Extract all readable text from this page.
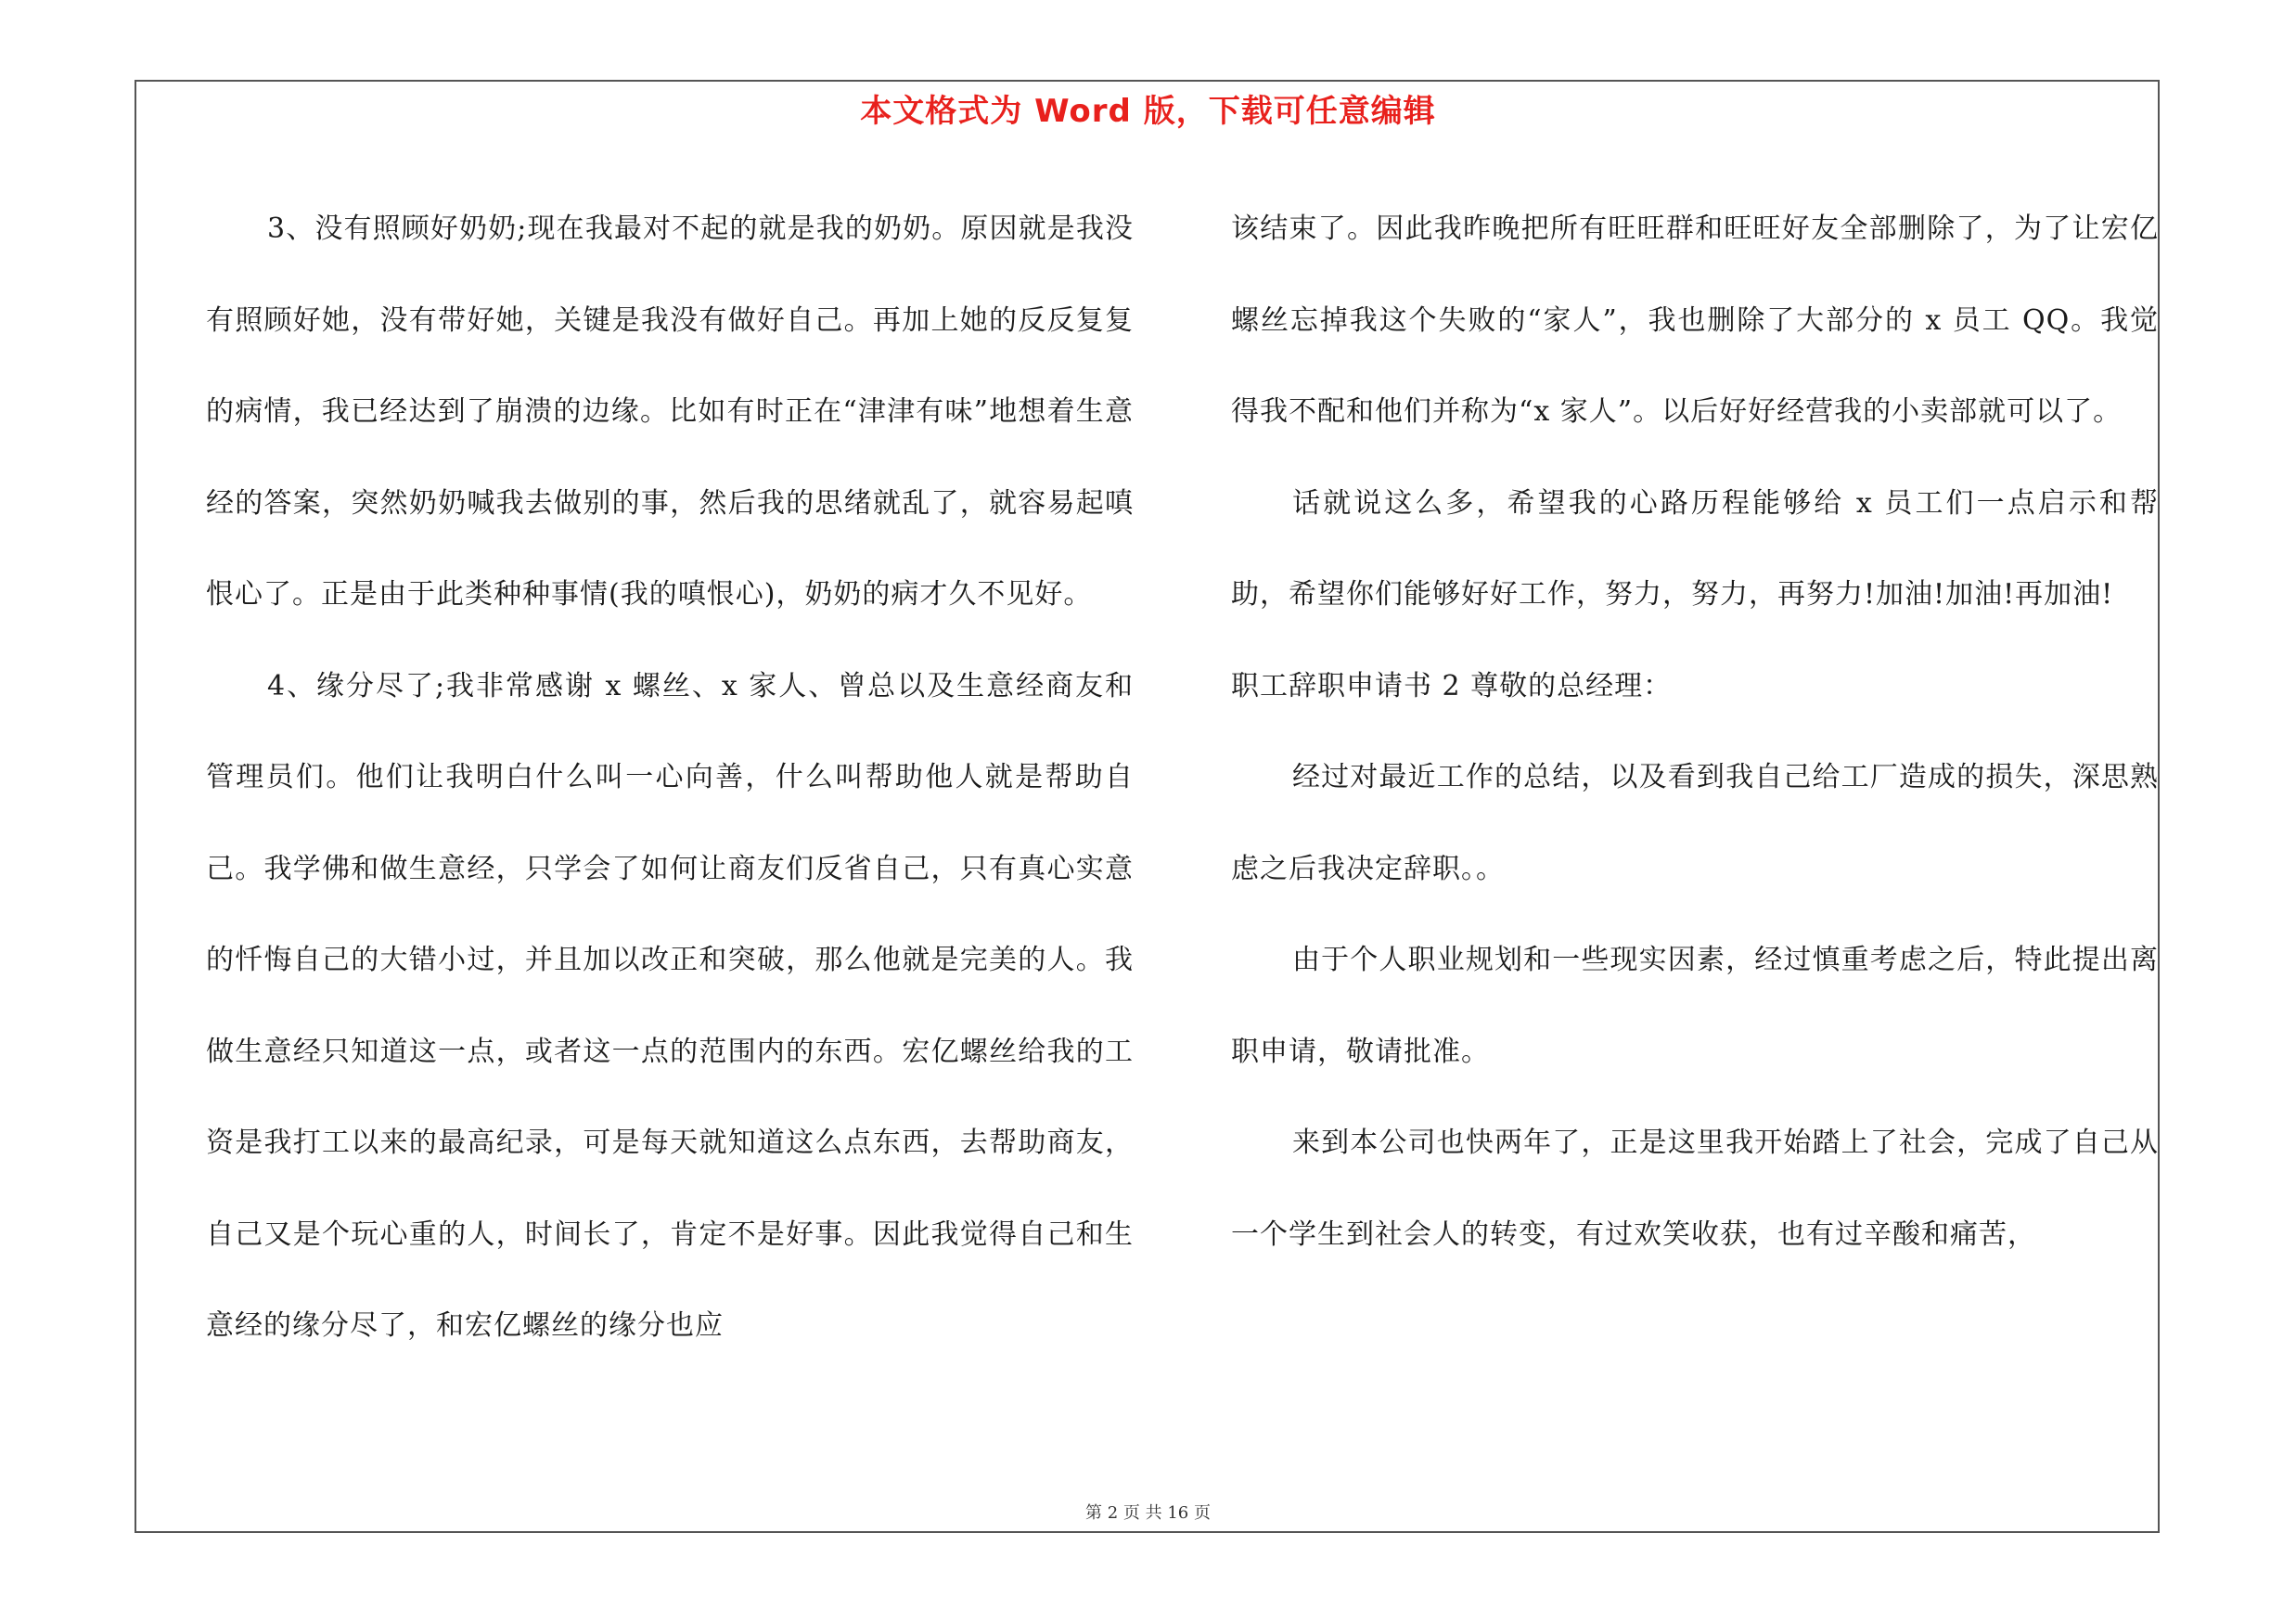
本文格式为 Word 版，下载可任意编辑

3、没有照顾好奶奶;现在我最对不起的就是我的奶奶。原因就是我没有照顾好她，没有带好她，关键是我没有做好自己。再加上她的反反复复的病情，我已经达到了崩溃的边缘。比如有时正在“津津有味”地想着生意经的答案，突然奶奶喊我去做别的事，然后我的思绪就乱了，就容易起嗔恨心了。正是由于此类种种事情(我的嗔恨心)，奶奶的病才久不见好。

4、缘分尽了;我非常感谢 x 螺丝、x 家人、曾总以及生意经商友和管理员们。他们让我明白什么叫一心向善，什么叫帮助他人就是帮助自己。我学佛和做生意经，只学会了如何让商友们反省自己，只有真心实意的忏悔自己的大错小过，并且加以改正和突破，那么他就是完美的人。我做生意经只知道这一点，或者这一点的范围内的东西。宏亿螺丝给我的工资是我打工以来的最高纪录，可是每天就知道这么点东西，去帮助商友，自己又是个玩心重的人，时间长了，肯定不是好事。因此我觉得自己和生意经的缘分尽了，和宏亿螺丝的缘分也应

该结束了。因此我昨晚把所有旺旺群和旺旺好友全部删除了，为了让宏亿螺丝忘掉我这个失败的“家人”，我也删除了大部分的 x 员工 QQ。我觉得我不配和他们并称为“x 家人”。以后好好经营我的小卖部就可以了。

话就说这么多，希望我的心路历程能够给 x 员工们一点启示和帮助，希望你们能够好好工作，努力，努力，再努力!加油!加油!再加油!

职工辞职申请书 2 尊敬的总经理：

经过对最近工作的总结，以及看到我自己给工厂造成的损失，深思熟虑之后我决定辞职。。

由于个人职业规划和一些现实因素，经过慎重考虑之后，特此提出离职申请，敬请批准。

来到本公司也快两年了，正是这里我开始踏上了社会，完成了自己从一个学生到社会人的转变，有过欢笑收获，也有过辛酸和痛苦，

第 2 页 共 16 页
